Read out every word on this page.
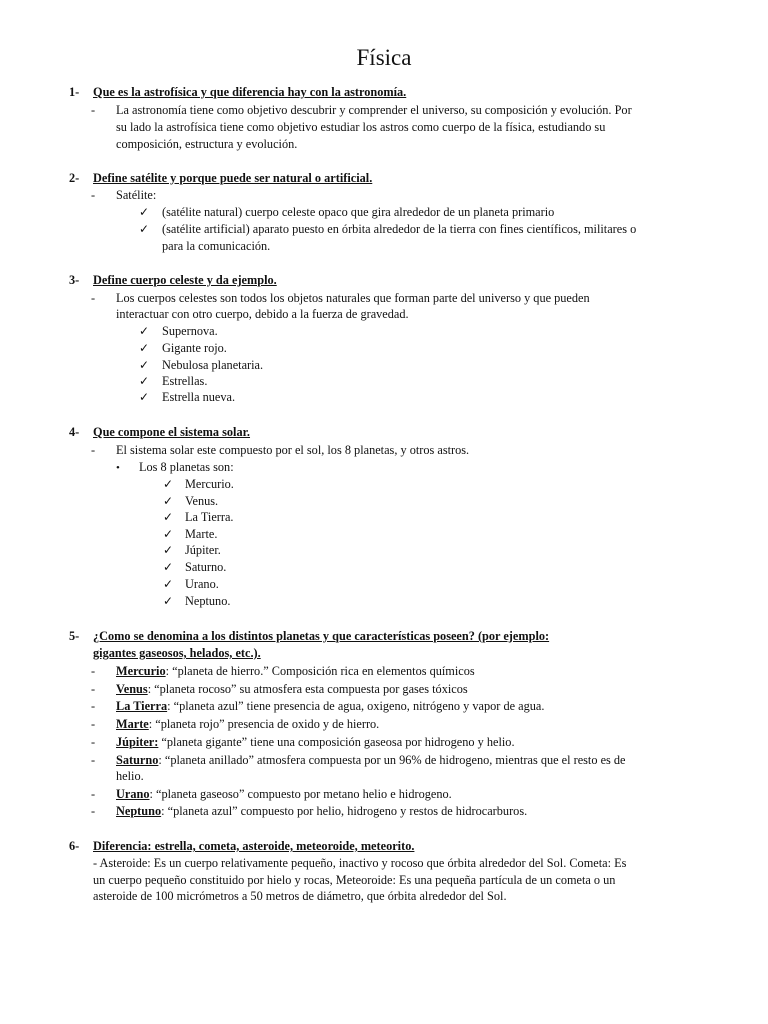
Física
1- Que es la astrofísica y que diferencia hay con la astronomía.
- La astronomía tiene como objetivo descubrir y comprender el universo, su composición y evolución. Por
su lado la astrofísica tiene como objetivo estudiar los astros como cuerpo de la física, estudiando su
composición, estructura y evolución.
2- Define satélite y porque puede ser natural o artificial.
- Satélite:
✓ (satélite natural) cuerpo celeste opaco que gira alrededor de un planeta primario
✓ (satélite artificial) aparato puesto en órbita alrededor de la tierra con fines científicos, militares o
para la comunicación.
3- Define cuerpo celeste y da ejemplo.
- Los cuerpos celestes son todos los objetos naturales que forman parte del universo y que pueden
interactuar con otro cuerpo, debido a la fuerza de gravedad.
✓ Supernova.
✓ Gigante rojo.
✓ Nebulosa planetaria.
✓ Estrellas.
✓ Estrella nueva.
4- Que compone el sistema solar.
- El sistema solar este compuesto por el sol, los 8 planetas, y otros astros.
• Los 8 planetas son:
✓ Mercurio.
✓ Venus.
✓ La Tierra.
✓ Marte.
✓ Júpiter.
✓ Saturno.
✓ Urano.
✓ Neptuno.
5- ¿Como se denomina a los distintos planetas y que características poseen? (por ejemplo:
gigantes gaseosos, helados, etc.).
- Mercurio: “planeta de hierro.” Composición rica en elementos químicos
- Venus: “planeta rocoso” su atmosfera esta compuesta por gases tóxicos
- La Tierra: “planeta azul” tiene presencia de agua, oxigeno, nitrógeno y vapor de agua.
- Marte: “planeta rojo” presencia de oxido y de hierro.
- Júpiter: “planeta gigante” tiene una composición gaseosa por hidrogeno y helio.
- Saturno: “planeta anillado” atmosfera compuesta por un 96% de hidrogeno, mientras que el resto es de
helio.
- Urano: “planeta gaseoso” compuesto por metano helio e hidrogeno.
- Neptuno: “planeta azul” compuesto por helio, hidrogeno y restos de hidrocarburos.
6- Diferencia: estrella, cometa, asteroide, meteoroide, meteorito.
- Asteroide: Es un cuerpo relativamente pequeño, inactivo y rocoso que órbita alrededor del Sol. Cometa: Es
un cuerpo pequeño constituido por hielo y rocas, Meteoroide: Es una pequeña partícula de un cometa o un
asteroide de 100 micrómetros a 50 metros de diámetro, que órbita alrededor del Sol.
